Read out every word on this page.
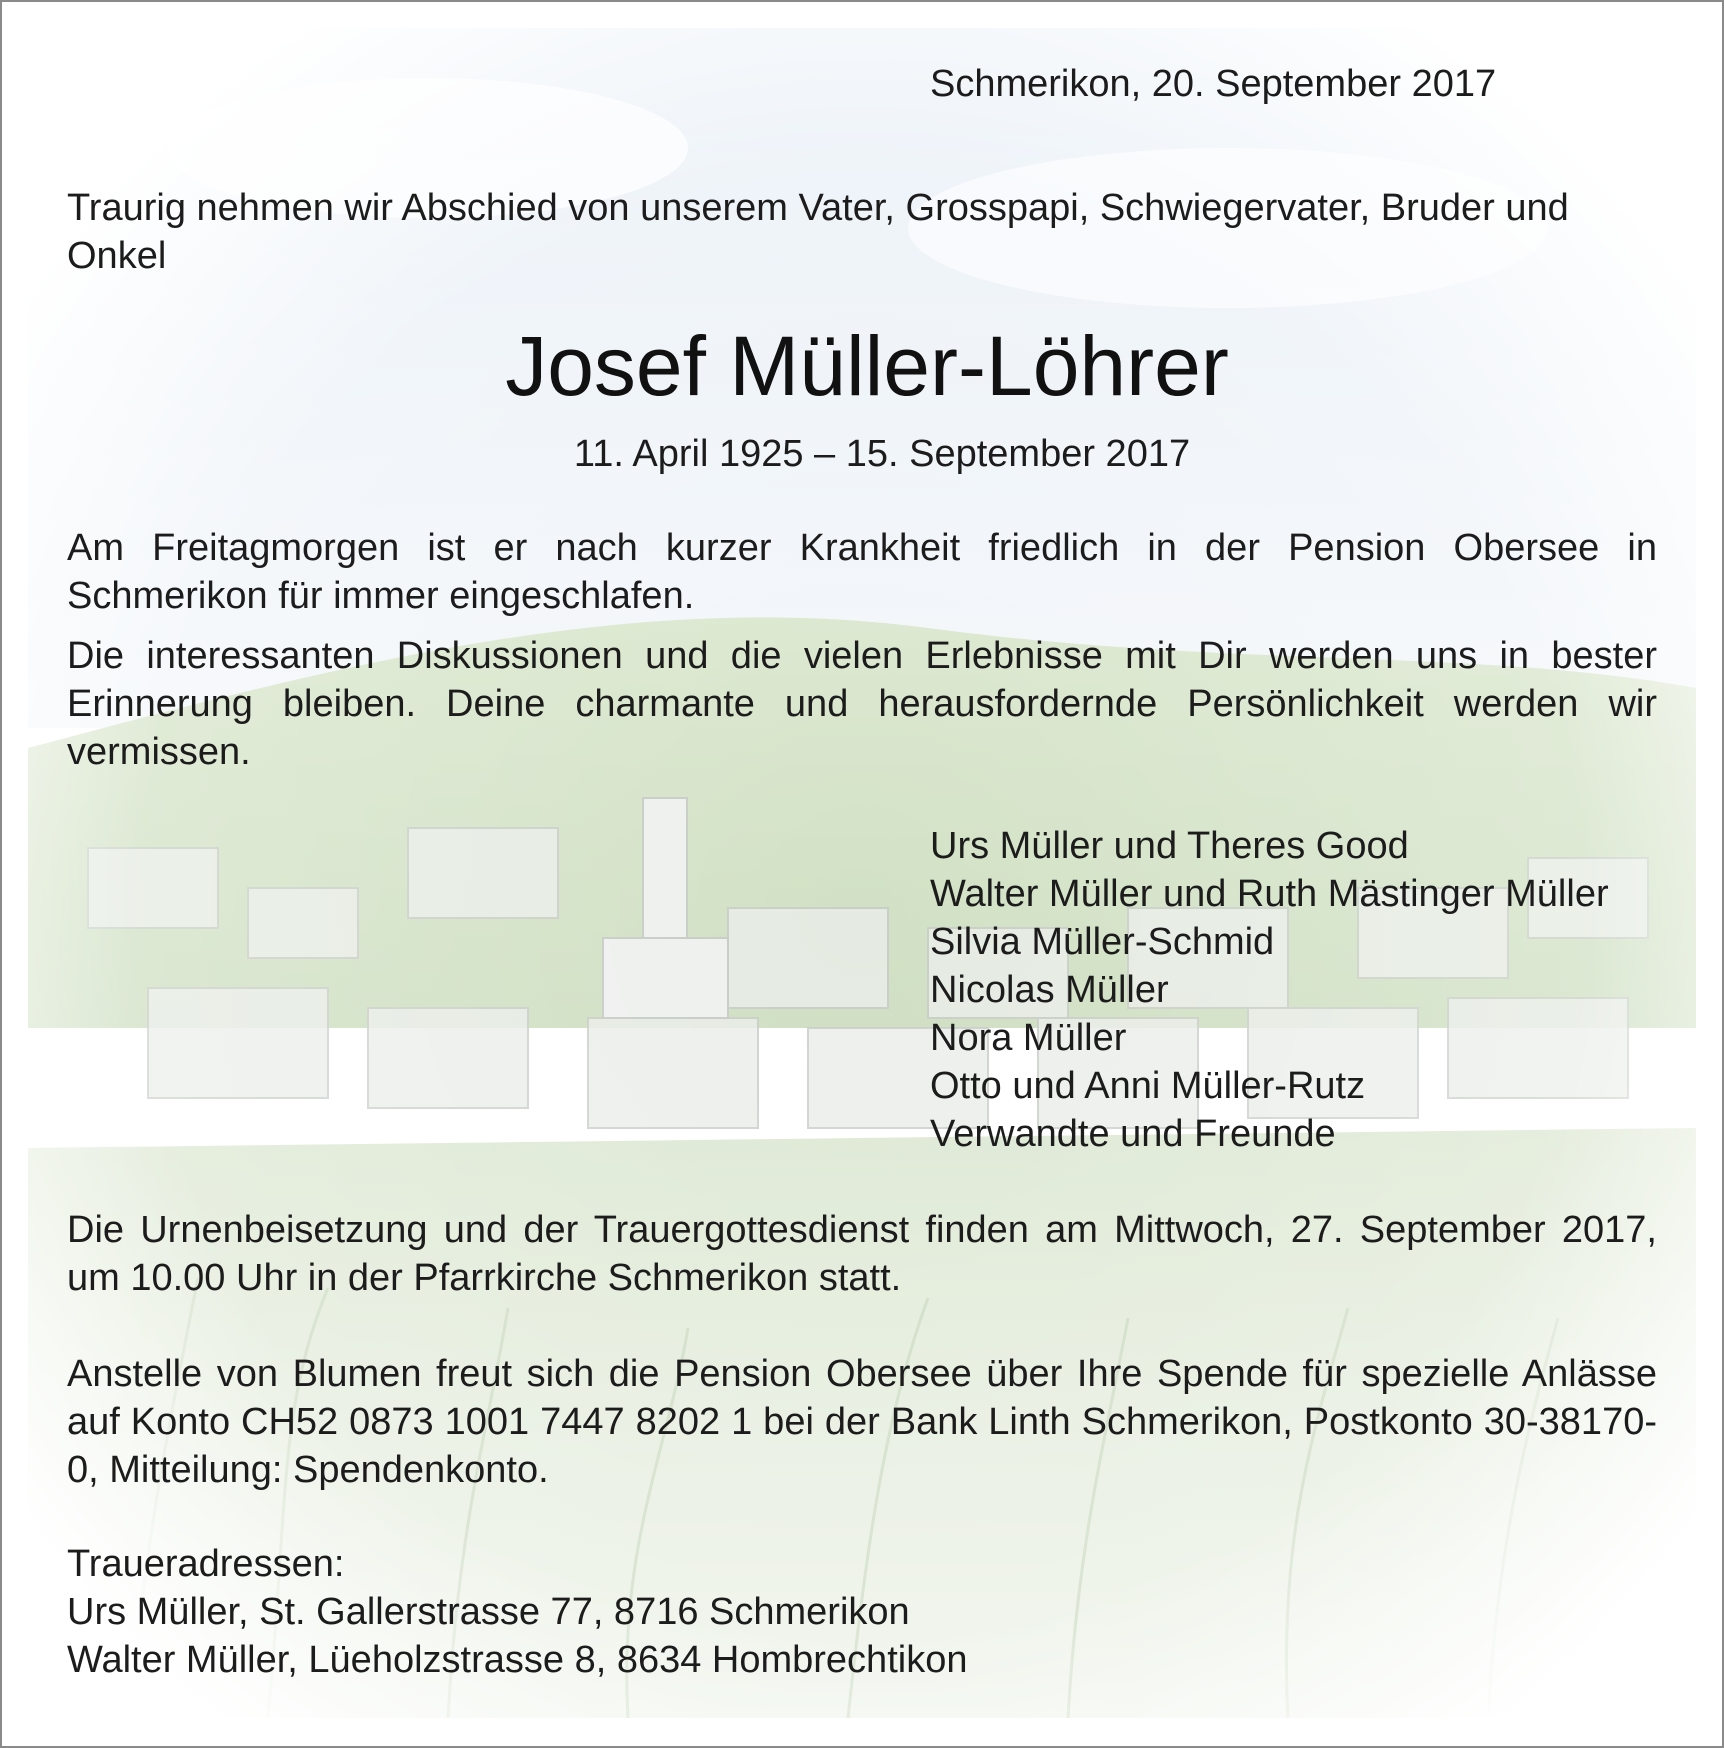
Schmerikon, 20. September 2017
Traurig nehmen wir Abschied von unserem Vater, Grosspapi, Schwiegervater, Bruder und Onkel
Josef Müller-Löhrer
11. April 1925 – 15. September 2017
Am Freitagmorgen ist er nach kurzer Krankheit friedlich in der Pension Obersee in Schmerikon für immer eingeschlafen.
Die interessanten Diskussionen und die vielen Erlebnisse mit Dir werden uns in bester Erinnerung bleiben. Deine charmante und herausfordernde Persönlichkeit werden wir vermissen.
Urs Müller und Theres Good
Walter Müller und Ruth Mästinger Müller
Silvia Müller-Schmid
Nicolas Müller
Nora Müller
Otto und Anni Müller-Rutz
Verwandte und Freunde
Die Urnenbeisetzung und der Trauergottesdienst finden am Mittwoch, 27. September 2017, um 10.00 Uhr in der Pfarrkirche Schmerikon statt.
Anstelle von Blumen freut sich die Pension Obersee über Ihre Spende für spezielle Anlässe auf Konto CH52 0873 1001 7447 8202 1 bei der Bank Linth Schmerikon, Postkonto 30-38170-0, Mitteilung: Spendenkonto.
Traueradressen:
Urs Müller, St. Gallerstrasse 77, 8716 Schmerikon
Walter Müller, Lüeholzstrasse 8, 8634 Hombrechtikon
